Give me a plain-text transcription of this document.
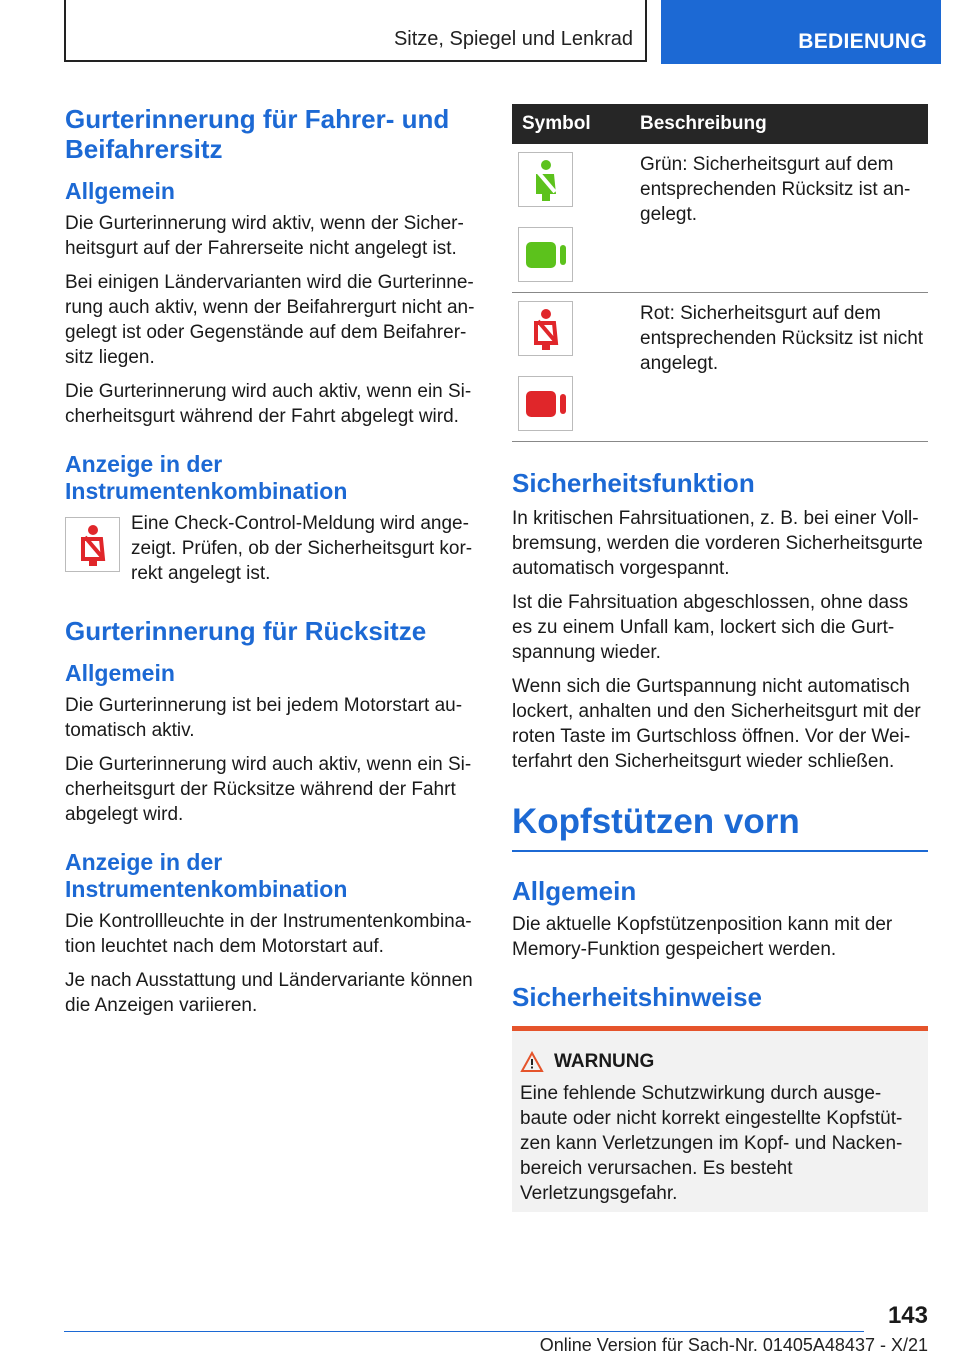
Sitze, Spiegel und Lenkrad	BEDIENUNG
Gurterinnerung für Fahrer- und Beifahrersitz
Allgemein

Die Gurterinnerung wird aktiv, wenn der Sicherheitsgurt auf der Fahrerseite nicht angelegt ist.

Bei einigen Ländervarianten wird die Gurterinnerung auch aktiv, wenn der Beifahrergurt nicht angelegt ist oder Gegenstände auf dem Beifahrersitz liegen.

Die Gurterinnerung wird auch aktiv, wenn ein Sicherheitsgurt während der Fahrt abgelegt wird.

Anzeige in der Instrumentenkombination
Eine Check-Control-Meldung wird angezeigt. Prüfen, ob der Sicherheitsgurt korrekt angelegt ist.
Gurterinnerung für Rücksitze
Allgemein

Die Gurterinnerung ist bei jedem Motorstart automatisch aktiv.

Die Gurterinnerung wird auch aktiv, wenn ein Sicherheitsgurt der Rücksitze während der Fahrt abgelegt wird.

Anzeige in der Instrumentenkombination

Die Kontrollleuchte in der Instrumentenkombination leuchtet nach dem Motorstart auf.

Je nach Ausstattung und Ländervariante können die Anzeigen variieren.

Symbol	Beschreibung

	Grün: Sicherheitsgurt auf dem entsprechenden Rücksitz ist angelegt.

	Rot: Sicherheitsgurt auf dem entsprechenden Rücksitz ist nicht angelegt.
Sicherheitsfunktion

In kritischen Fahrsituationen, z. B. bei einer Vollbremsung, werden die vorderen Sicherheitsgurte automatisch vorgespannt.

Ist die Fahrsituation abgeschlossen, ohne dass es zu einem Unfall kam, lockert sich die Gurtspannung wieder.

Wenn sich die Gurtspannung nicht automatisch lockert, anhalten und den Sicherheitsgurt mit der roten Taste im Gurtschloss öffnen. Vor der Weiterfahrt den Sicherheitsgurt wieder schließen.

Kopfstützen vorn
Allgemein

Die aktuelle Kopfstützenposition kann mit der Memory-Funktion gespeichert werden.

Sicherheitshinweise
WARNUNG

Eine fehlende Schutzwirkung durch ausgebaute oder nicht korrekt eingestellte Kopfstützen kann Verletzungen im Kopf- und Nackenbereich verursachen. Es besteht Verletzungsgefahr.

143
Online Version für Sach-Nr. 01405A48437 - X/21
